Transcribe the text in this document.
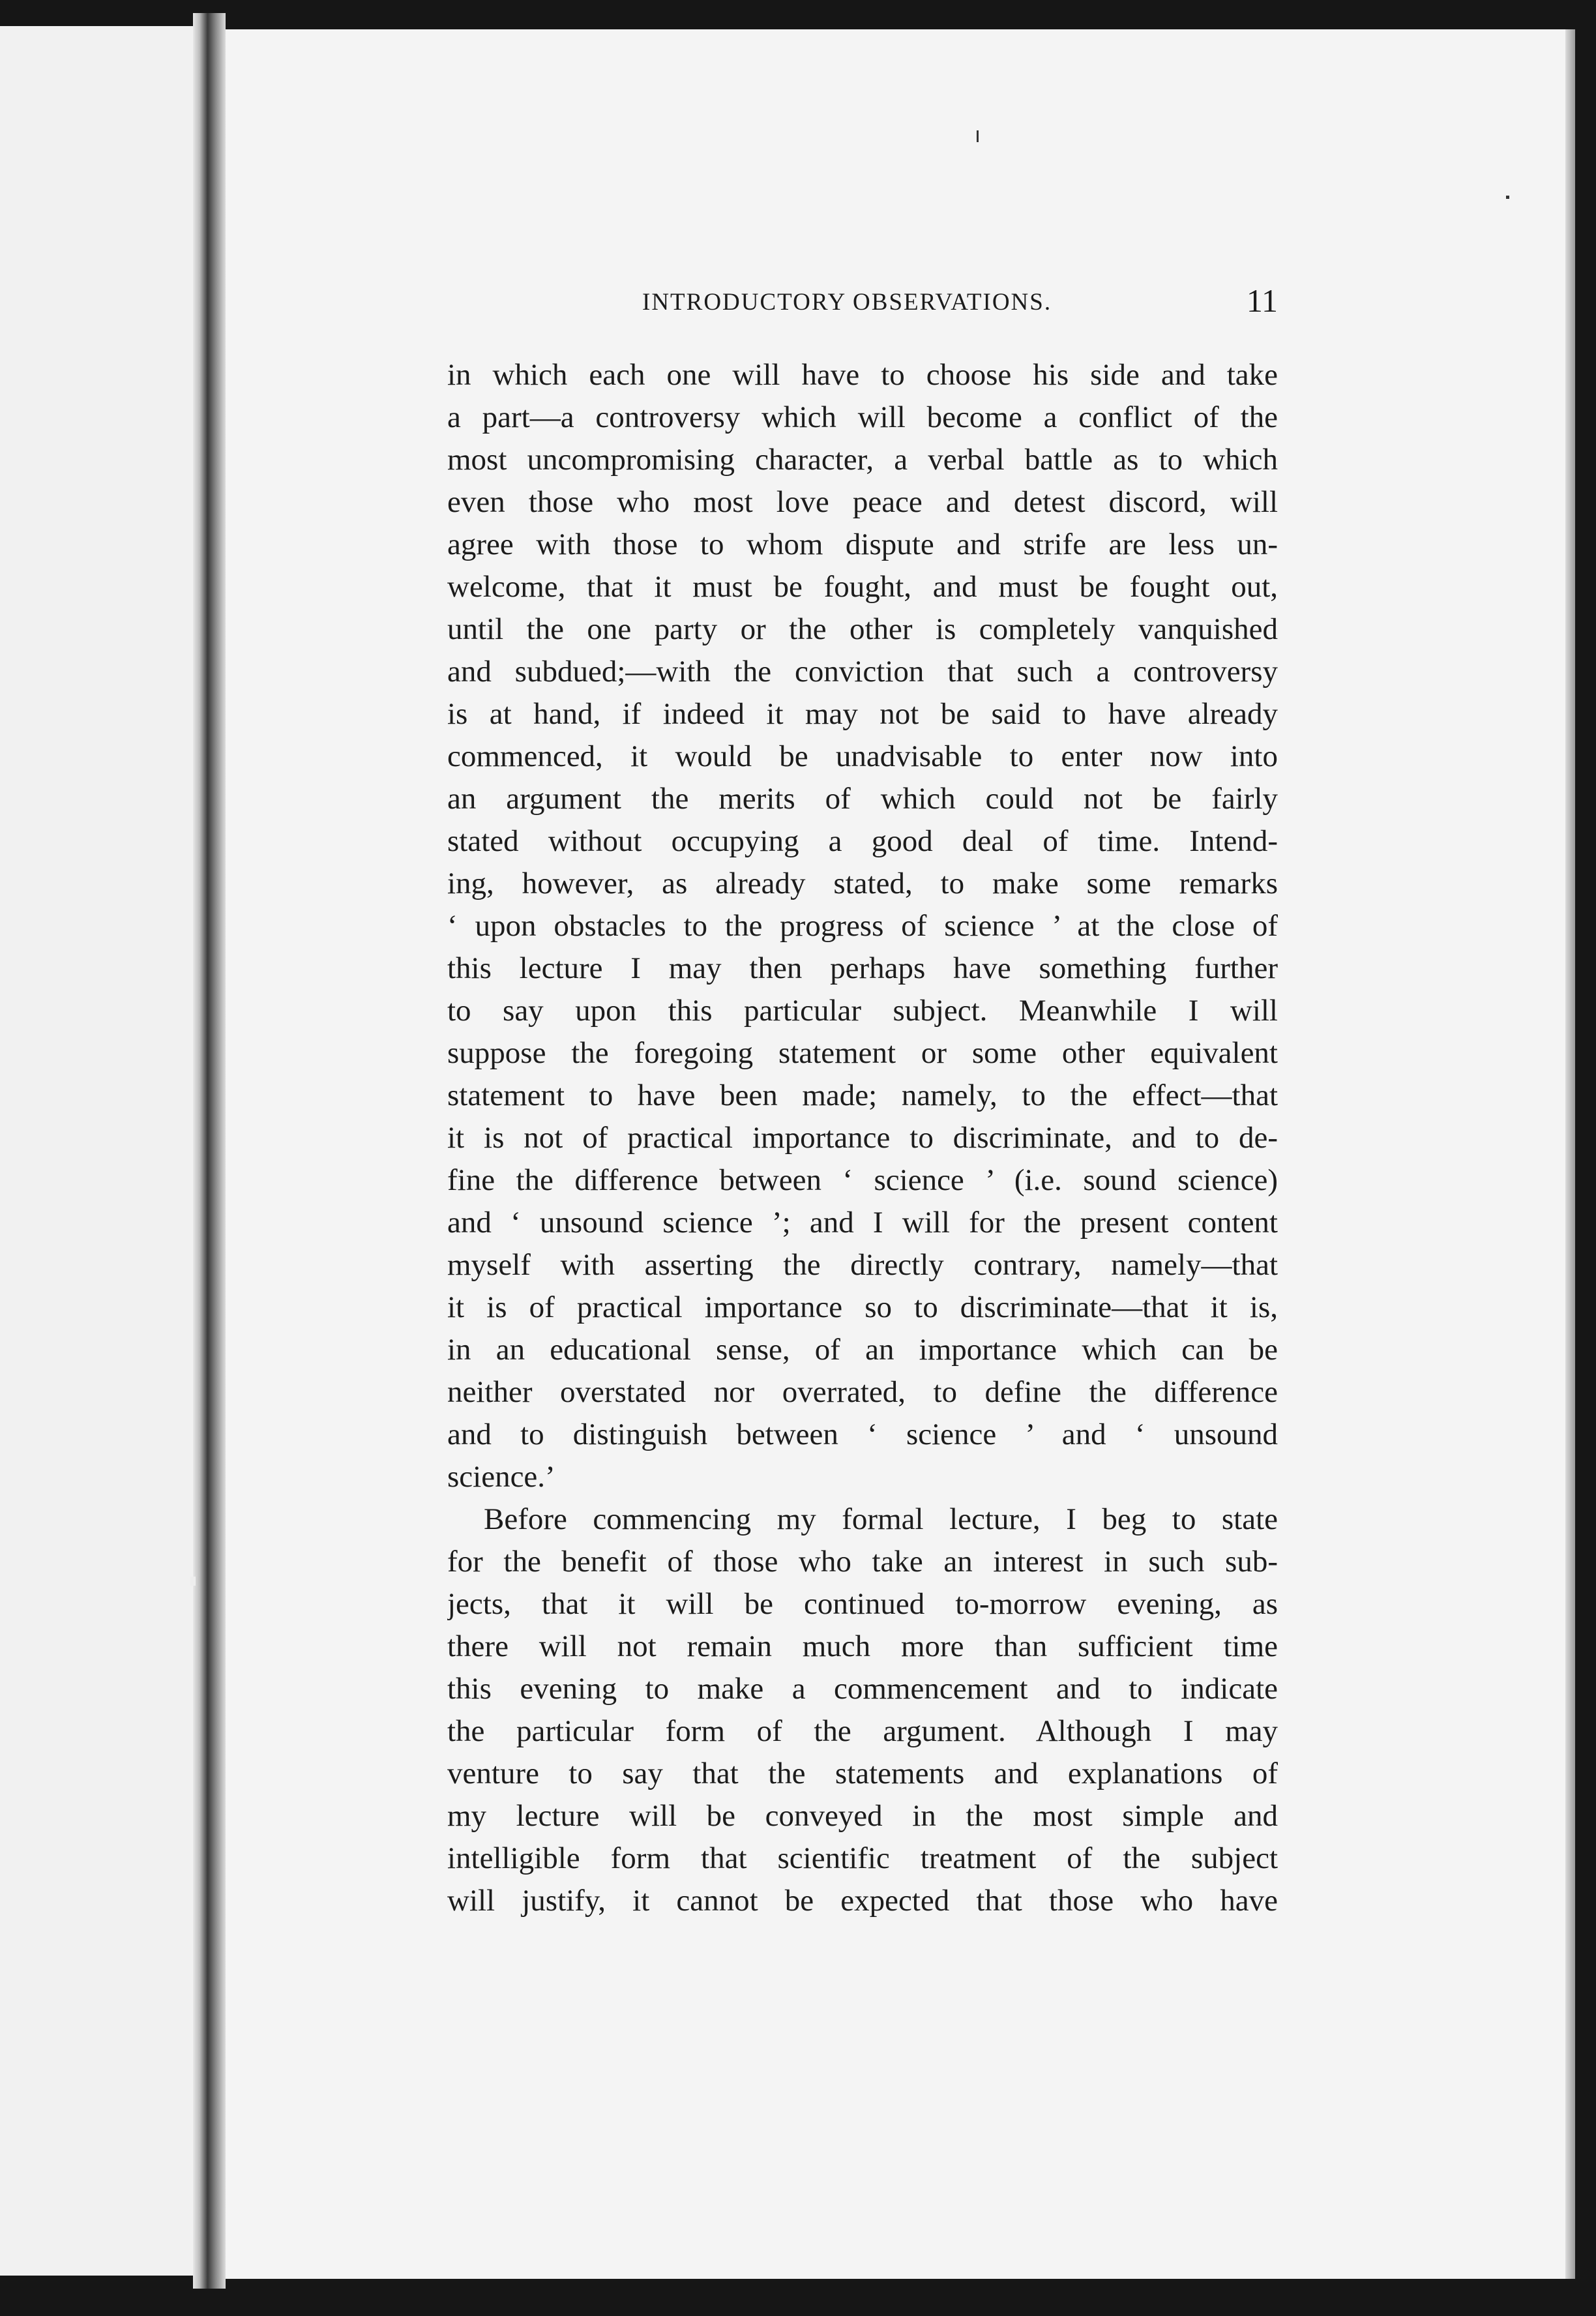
INTRODUCTORY OBSERVATIONS.	11
in which each one will have to choose his side and take
a part—a controversy which will become a conflict of the
most uncompromising character, a verbal battle as to which
even those who most love peace and detest discord, will
agree with those to whom dispute and strife are less un-
welcome, that it must be fought, and must be fought out,
until the one party or the other is completely vanquished
and subdued;—with the conviction that such a controversy
is at hand, if indeed it may not be said to have already
commenced, it would be unadvisable to enter now into
an argument the merits of which could not be fairly
stated without occupying a good deal of time. Intend-
ing, however, as already stated, to make some remarks
‘ upon obstacles to the progress of science ’ at the close of
this lecture I may then perhaps have something further
to say upon this particular subject. Meanwhile I will
suppose the foregoing statement or some other equivalent
statement to have been made; namely, to the effect—that
it is not of practical importance to discriminate, and to de-
fine the difference between ‘ science ’ (i.e. sound science)
and ‘ unsound science ’; and I will for the present content
myself with asserting the directly contrary, namely—that
it is of practical importance so to discriminate—that it is,
in an educational sense, of an importance which can be
neither overstated nor overrated, to define the difference
and to distinguish between ‘ science ’ and ‘ unsound
science.’
Before commencing my formal lecture, I beg to state
for the benefit of those who take an interest in such sub-
jects, that it will be continued to-morrow evening, as
there will not remain much more than sufficient time
this evening to make a commencement and to indicate
the particular form of the argument. Although I may
venture to say that the statements and explanations of
my lecture will be conveyed in the most simple and
intelligible form that scientific treatment of the subject
will justify, it cannot be expected that those who have
